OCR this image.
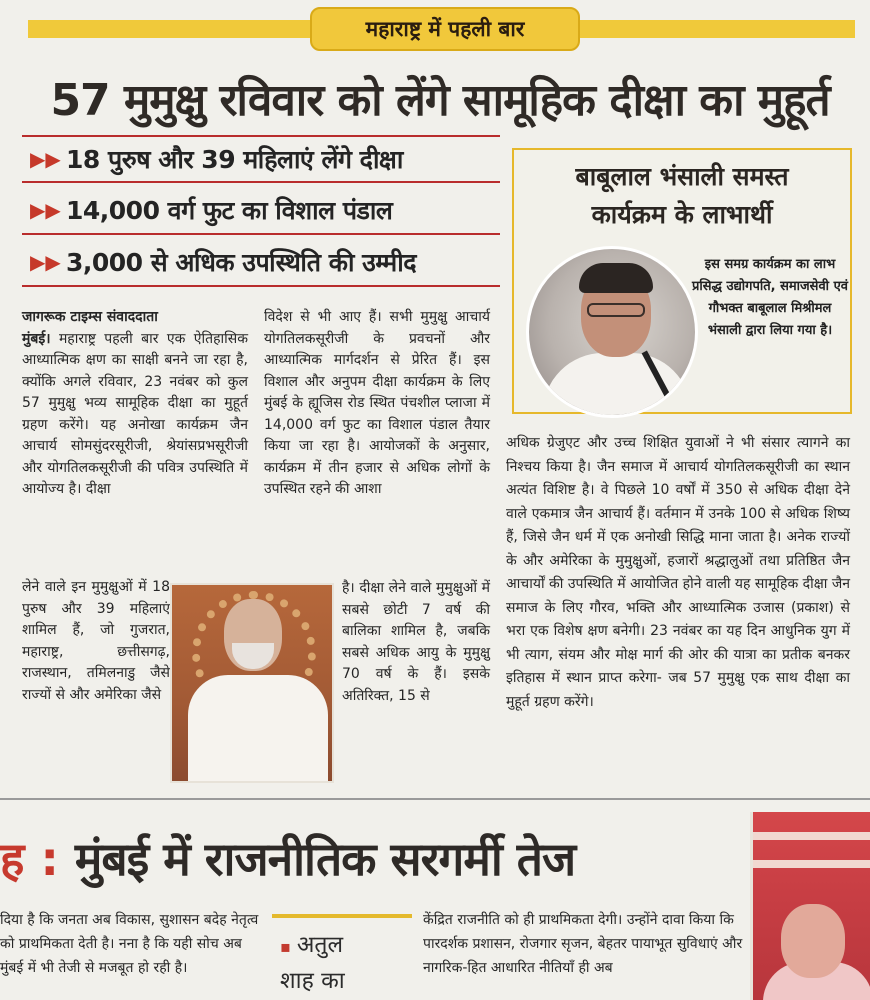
महाराष्ट्र में पहली बार
57 मुमुक्षु रविवार को लेंगे सामूहिक दीक्षा का मुहूर्त
▶▶ 18 पुरुष और 39 महिलाएं लेंगे दीक्षा
▶▶ 14,000 वर्ग फुट का विशाल पंडाल
▶▶ 3,000 से अधिक उपस्थिति की उम्मीद
बाबूलाल भंसाली समस्त
कार्यक्रम के लाभार्थी
इस समग्र कार्यक्रम का लाभ प्रसिद्ध उद्योगपति, समाजसेवी एवं गौभक्त बाबूलाल मिश्रीमल भंसाली द्वारा लिया गया है।
जागरूक टाइम्स संवाददाता
मुंबई। महाराष्ट्र पहली बार एक ऐतिहासिक आध्यात्मिक क्षण का साक्षी बनने जा रहा है, क्योंकि अगले रविवार, 23 नवंबर को कुल 57 मुमुक्षु भव्य सामूहिक दीक्षा का मुहूर्त ग्रहण करेंगे। यह अनोखा कार्यक्रम जैन आचार्य सोमसुंदरसूरीजी, श्रेयांसप्रभसूरीजी और योगतिलकसूरीजी की पवित्र उपस्थिति में आयोज्य है। दीक्षा
लेने वाले इन मुमुक्षुओं में 18 पुरुष और 39 महिलाएं शामिल हैं, जो गुजरात, महाराष्ट्र, छत्तीसगढ़, राजस्थान, तमिलनाडु जैसे राज्यों से और अमेरिका जैसे
विदेश से भी आए हैं। सभी मुमुक्षु आचार्य योगतिलकसूरीजी के प्रवचनों और आध्यात्मिक मार्गदर्शन से प्रेरित हैं। इस विशाल और अनुपम दीक्षा कार्यक्रम के लिए मुंबई के ह्यूजिस रोड स्थित पंचशील प्लाजा में 14,000 वर्ग फुट का विशाल पंडाल तैयार किया जा रहा है। आयोजकों के अनुसार, कार्यक्रम में तीन हजार से अधिक लोगों के उपस्थित रहने की आशा
है। दीक्षा लेने वाले मुमुक्षुओं में सबसे छोटी 7 वर्ष की बालिका शामिल है, जबकि सबसे अधिक आयु के मुमुक्षु 70 वर्ष के हैं। इसके अतिरिक्त, 15 से
अधिक ग्रेजुएट और उच्च शिक्षित युवाओं ने भी संसार त्यागने का निश्चय किया है। जैन समाज में आचार्य योगतिलकसूरीजी का स्थान अत्यंत विशिष्ट है। वे पिछले 10 वर्षों में 350 से अधिक दीक्षा देने वाले एकमात्र जैन आचार्य हैं। वर्तमान में उनके 100 से अधिक शिष्य हैं, जिसे जैन धर्म में एक अनोखी सिद्धि माना जाता है। अनेक राज्यों के और अमेरिका के मुमुक्षुओं, हजारों श्रद्धालुओं तथा प्रतिष्ठित जैन आचार्यों की उपस्थिति में आयोजित होने वाली यह सामूहिक दीक्षा जैन समाज के लिए गौरव, भक्ति और आध्यात्मिक उजास (प्रकाश) से भरा एक विशेष क्षण बनेगी। 23 नवंबर का यह दिन आधुनिक युग में भी त्याग, संयम और मोक्ष मार्ग की ओर की यात्रा का प्रतीक बनकर इतिहास में स्थान प्राप्त करेगा- जब 57 मुमुक्षु एक साथ दीक्षा का मुहूर्त ग्रहण करेंगे।
ह : मुंबई में राजनीतिक सरगर्मी तेज
दिया है कि जनता अब विकास, सुशासन बदेह नेतृत्व को प्राथमिकता देती है। नना है कि यही सोच अब मुंबई में भी तेजी से मजबूत हो रही है।
▪ अतुल
शाह का
केंद्रित राजनीति को ही प्राथमिकता देगी। उन्होंने दावा किया कि पारदर्शक प्रशासन, रोजगार सृजन, बेहतर पायाभूत सुविधाएं और नागरिक-हित आधारित नीतियाँ ही अब
